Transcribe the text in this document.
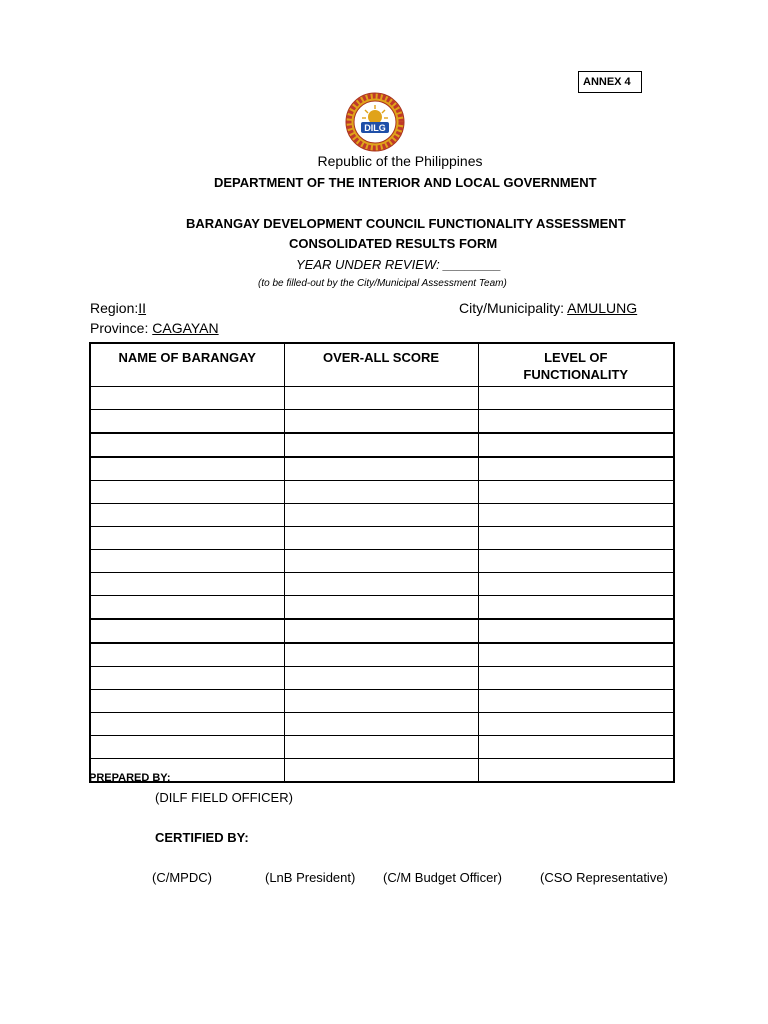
ANNEX 4
DILG
Republic of the Philippines
DEPARTMENT OF THE INTERIOR AND LOCAL GOVERNMENT
BARANGAY DEVELOPMENT COUNCIL FUNCTIONALITY ASSESSMENT
CONSOLIDATED RESULTS FORM
YEAR UNDER REVIEW: ________
(to be filled-out by the City/Municipal Assessment Team)
Region:II
Province: CAGAYAN
City/Municipality: AMULUNG
NAME OF BARANGAY	OVER-ALL SCORE	LEVEL OF FUNCTIONALITY

PREPARED BY:
(DILF FIELD OFFICER)
CERTIFIED BY:
(C/MPDC)	(LnB President) (C/M Budget Officer)	(CSO Representative)
